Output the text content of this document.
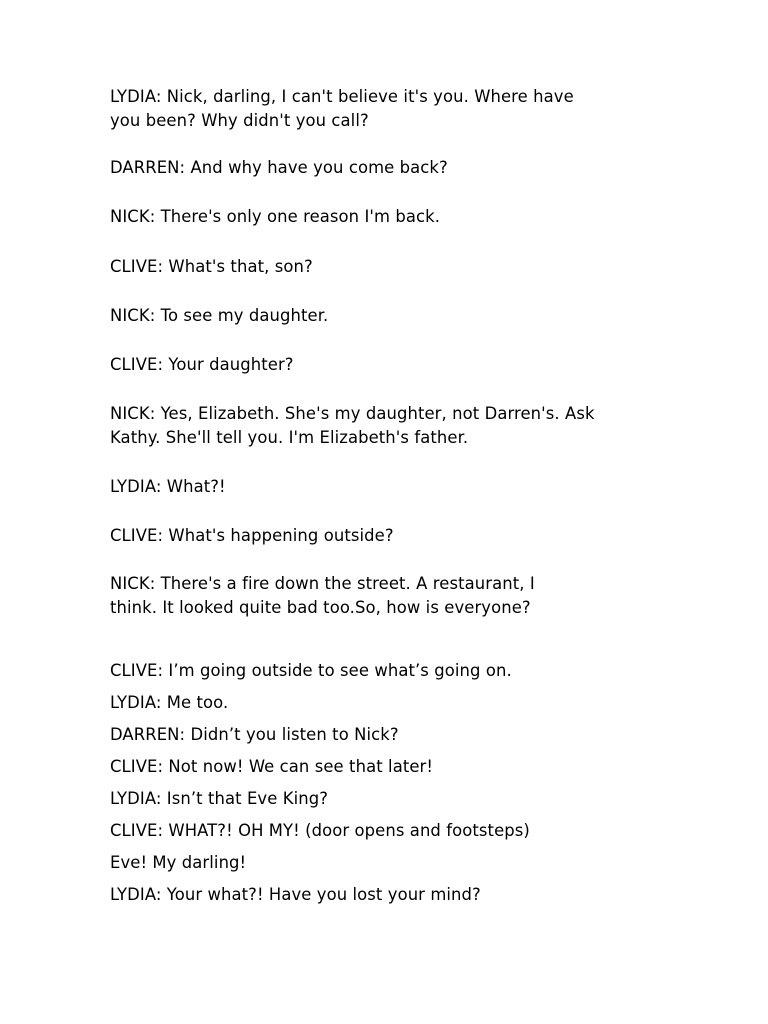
LYDIA: Nick, darling, I can't believe it's you. Where have
you been? Why didn't you call?
DARREN: And why have you come back?
NICK: There's only one reason I'm back.
CLIVE: What's that, son?
NICK: To see my daughter.
CLIVE: Your daughter?
NICK: Yes, Elizabeth. She's my daughter, not Darren's. Ask
Kathy. She'll tell you. I'm Elizabeth's father.
LYDIA: What?!
CLIVE: What's happening outside?
NICK: There's a fire down the street. A restaurant, I
think. It looked quite bad too.So, how is everyone?
CLIVE: I’m going outside to see what’s going on.
LYDIA: Me too.
DARREN: Didn’t you listen to Nick?
CLIVE: Not now! We can see that later!
LYDIA: Isn’t that Eve King?
CLIVE: WHAT?! OH MY! (door opens and footsteps)
Eve! My darling!
LYDIA: Your what?! Have you lost your mind?
